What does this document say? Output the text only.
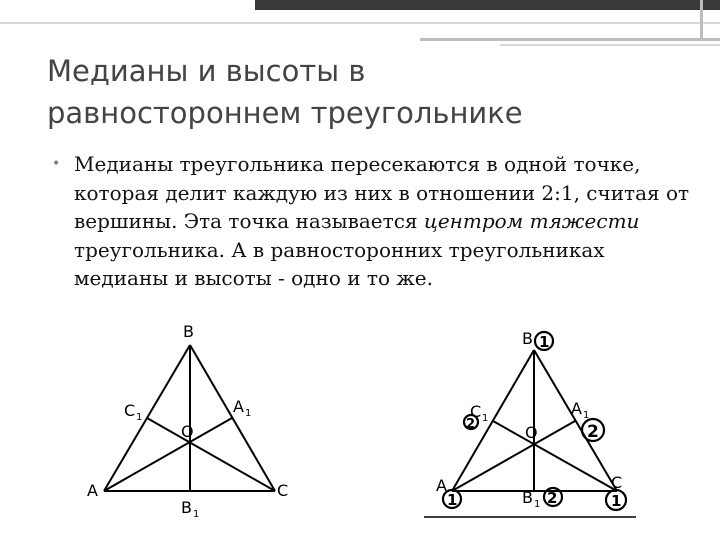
Медианы и высоты в
равностороннем треугольнике
• Медианы треугольника пересекаются в одной точке, которая делит каждую из них в отношении 2:1, считая от вершины. Эта точка называется центром тяжести треугольника. А в равносторонних треугольниках медианы и высоты - одно и то же.
B
A	C
O
C 1
A 1
B 1
B
A	C
O
C 1
A 1
B 1
1
2	2
1	2	1
